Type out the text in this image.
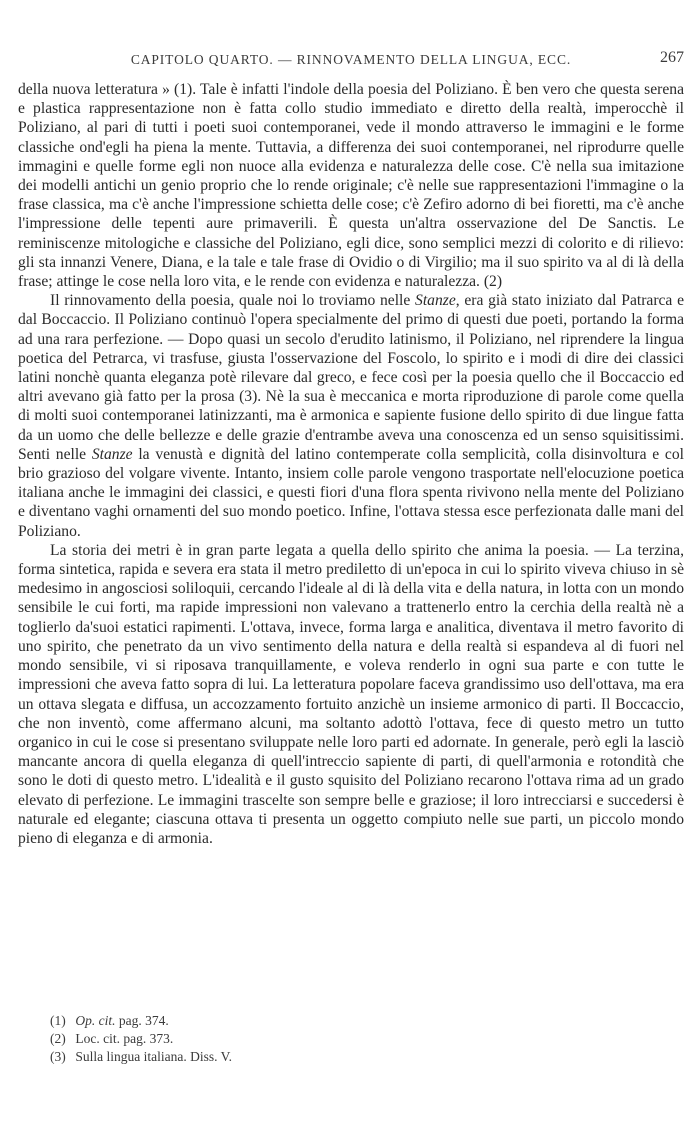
CAPITOLO QUARTO. — RINNOVAMENTO DELLA LINGUA, ECC.	267

della nuova letteratura » (1). Tale è infatti l'indole della poesia del Poliziano. È ben vero che questa serena e plastica rappresentazione non è fatta collo studio immediato e diretto della realtà, imperocchè il Poliziano, al pari di tutti i poeti suoi contemporanei, vede il mondo attraverso le immagini e le forme classiche ond'egli ha piena la mente. Tuttavia, a differenza dei suoi contemporanei, nel riprodurre quelle immagini e quelle forme egli non nuoce alla evidenza e naturalezza delle cose. C'è nella sua imitazione dei modelli antichi un genio proprio che lo rende originale; c'è nelle sue rappresentazioni l'immagine o la frase classica, ma c'è anche l'impressione schietta delle cose; c'è Zefiro adorno di bei fioretti, ma c'è anche l'impressione delle tepenti aure primaverili. È questa un'altra osservazione del De Sanctis. Le reminiscenze mitologiche e classiche del Poliziano, egli dice, sono semplici mezzi di colorito e di rilievo: gli sta innanzi Venere, Diana, e la tale e tale frase di Ovidio o di Virgilio; ma il suo spirito va al di là della frase; attinge le cose nella loro vita, e le rende con evidenza e naturalezza. (2)

Il rinnovamento della poesia, quale noi lo troviamo nelle Stanze, era già stato iniziato dal Patrarca e dal Boccaccio. Il Poliziano continuò l'opera specialmente del primo di questi due poeti, portando la forma ad una rara perfezione. — Dopo quasi un secolo d'erudito latinismo, il Poliziano, nel riprendere la lingua poetica del Petrarca, vi trasfuse, giusta l'osservazione del Foscolo, lo spirito e i modi di dire dei classici latini nonchè quanta eleganza potè rilevare dal greco, e fece così per la poesia quello che il Boccaccio ed altri avevano già fatto per la prosa (3). Nè la sua è meccanica e morta riproduzione di parole come quella di molti suoi contemporanei latinizzanti, ma è armonica e sapiente fusione dello spirito di due lingue fatta da un uomo che delle bellezze e delle grazie d'entrambe aveva una conoscenza ed un senso squisitissimi. Senti nelle Stanze la venustà e dignità del latino contemperate colla semplicità, colla disinvoltura e col brio grazioso del volgare vivente. Intanto, insiem colle parole vengono trasportate nell'elocuzione poetica italiana anche le immagini dei classici, e questi fiori d'una flora spenta rivivono nella mente del Poliziano e diventano vaghi ornamenti del suo mondo poetico. Infine, l'ottava stessa esce perfezionata dalle mani del Poliziano.

La storia dei metri è in gran parte legata a quella dello spirito che anima la poesia. — La terzina, forma sintetica, rapida e severa era stata il metro prediletto di un'epoca in cui lo spirito viveva chiuso in sè medesimo in angosciosi soliloquii, cercando l'ideale al di là della vita e della natura, in lotta con un mondo sensibile le cui forti, ma rapide impressioni non valevano a trattenerlo entro la cerchia della realtà nè a toglierlo da'suoi estatici rapimenti. L'ottava, invece, forma larga e analitica, diventava il metro favorito di uno spirito, che penetrato da un vivo sentimento della natura e della realtà si espandeva al di fuori nel mondo sensibile, vi si riposava tranquillamente, e voleva renderlo in ogni sua parte e con tutte le impressioni che aveva fatto sopra di lui. La letteratura popolare faceva grandissimo uso dell'ottava, ma era un ottava slegata e diffusa, un accozzamento fortuito anzichè un insieme armonico di parti. Il Boccaccio, che non inventò, come affermano alcuni, ma soltanto adottò l'ottava, fece di questo metro un tutto organico in cui le cose si presentano sviluppate nelle loro parti ed adornate. In generale, però egli la lasciò mancante ancora di quella eleganza di quell'intreccio sapiente di parti, di quell'armonia e rotondità che sono le doti di questo metro. L'idealità e il gusto squisito del Poliziano recarono l'ottava rima ad un grado elevato di perfezione. Le immagini trascelte son sempre belle e graziose; il loro intrecciarsi e succedersi è naturale ed elegante; ciascuna ottava ti presenta un oggetto compiuto nelle sue parti, un piccolo mondo pieno di eleganza e di armonia.

(1) Op. cit. pag. 374.
(2) Loc. cit. pag. 373.
(3) Sulla lingua italiana. Diss. V.
